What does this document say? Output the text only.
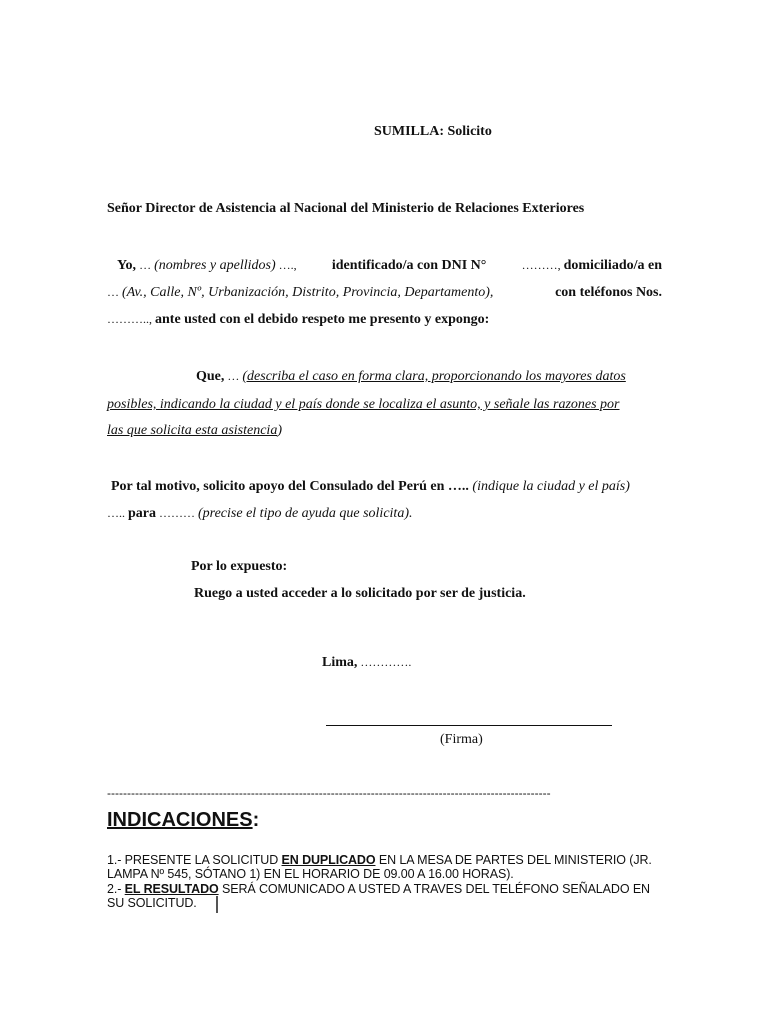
SUMILLA: Solicito
Señor Director de Asistencia al Nacional del Ministerio de Relaciones Exteriores
Yo, … (nombres y apellidos) ….,	identificado/a con DNI N°	………, domiciliado/a en
… (Av., Calle, Nº, Urbanización, Distrito, Provincia, Departamento),	con teléfonos Nos.
……….., ante usted con el debido respeto me presento y expongo:
Que, … (describa el caso en forma clara, proporcionando los mayores datos
posibles, indicando la ciudad y el país donde se localiza el asunto, y señale las razones por
las que solicita esta asistencia)
Por tal motivo, solicito apoyo del Consulado del Perú en ….. (indique la ciudad y el país)
….. para ……… (precise el tipo de ayuda que solicita).
Por lo expuesto:
Ruego a usted acceder a lo solicitado por ser de justicia.
Lima, ………….
(Firma)
---------------------------------------------------------------------------------------------------------------
INDICACIONES:
1.- PRESENTE LA SOLICITUD EN DUPLICADO EN LA MESA DE PARTES DEL MINISTERIO (JR.
LAMPA Nº 545, SÓTANO 1) EN EL HORARIO DE 09.00 A 16.00 HORAS).
2.- EL RESULTADO SERÁ COMUNICADO A USTED A TRAVES DEL TELÉFONO SEÑALADO EN
SU SOLICITUD.
